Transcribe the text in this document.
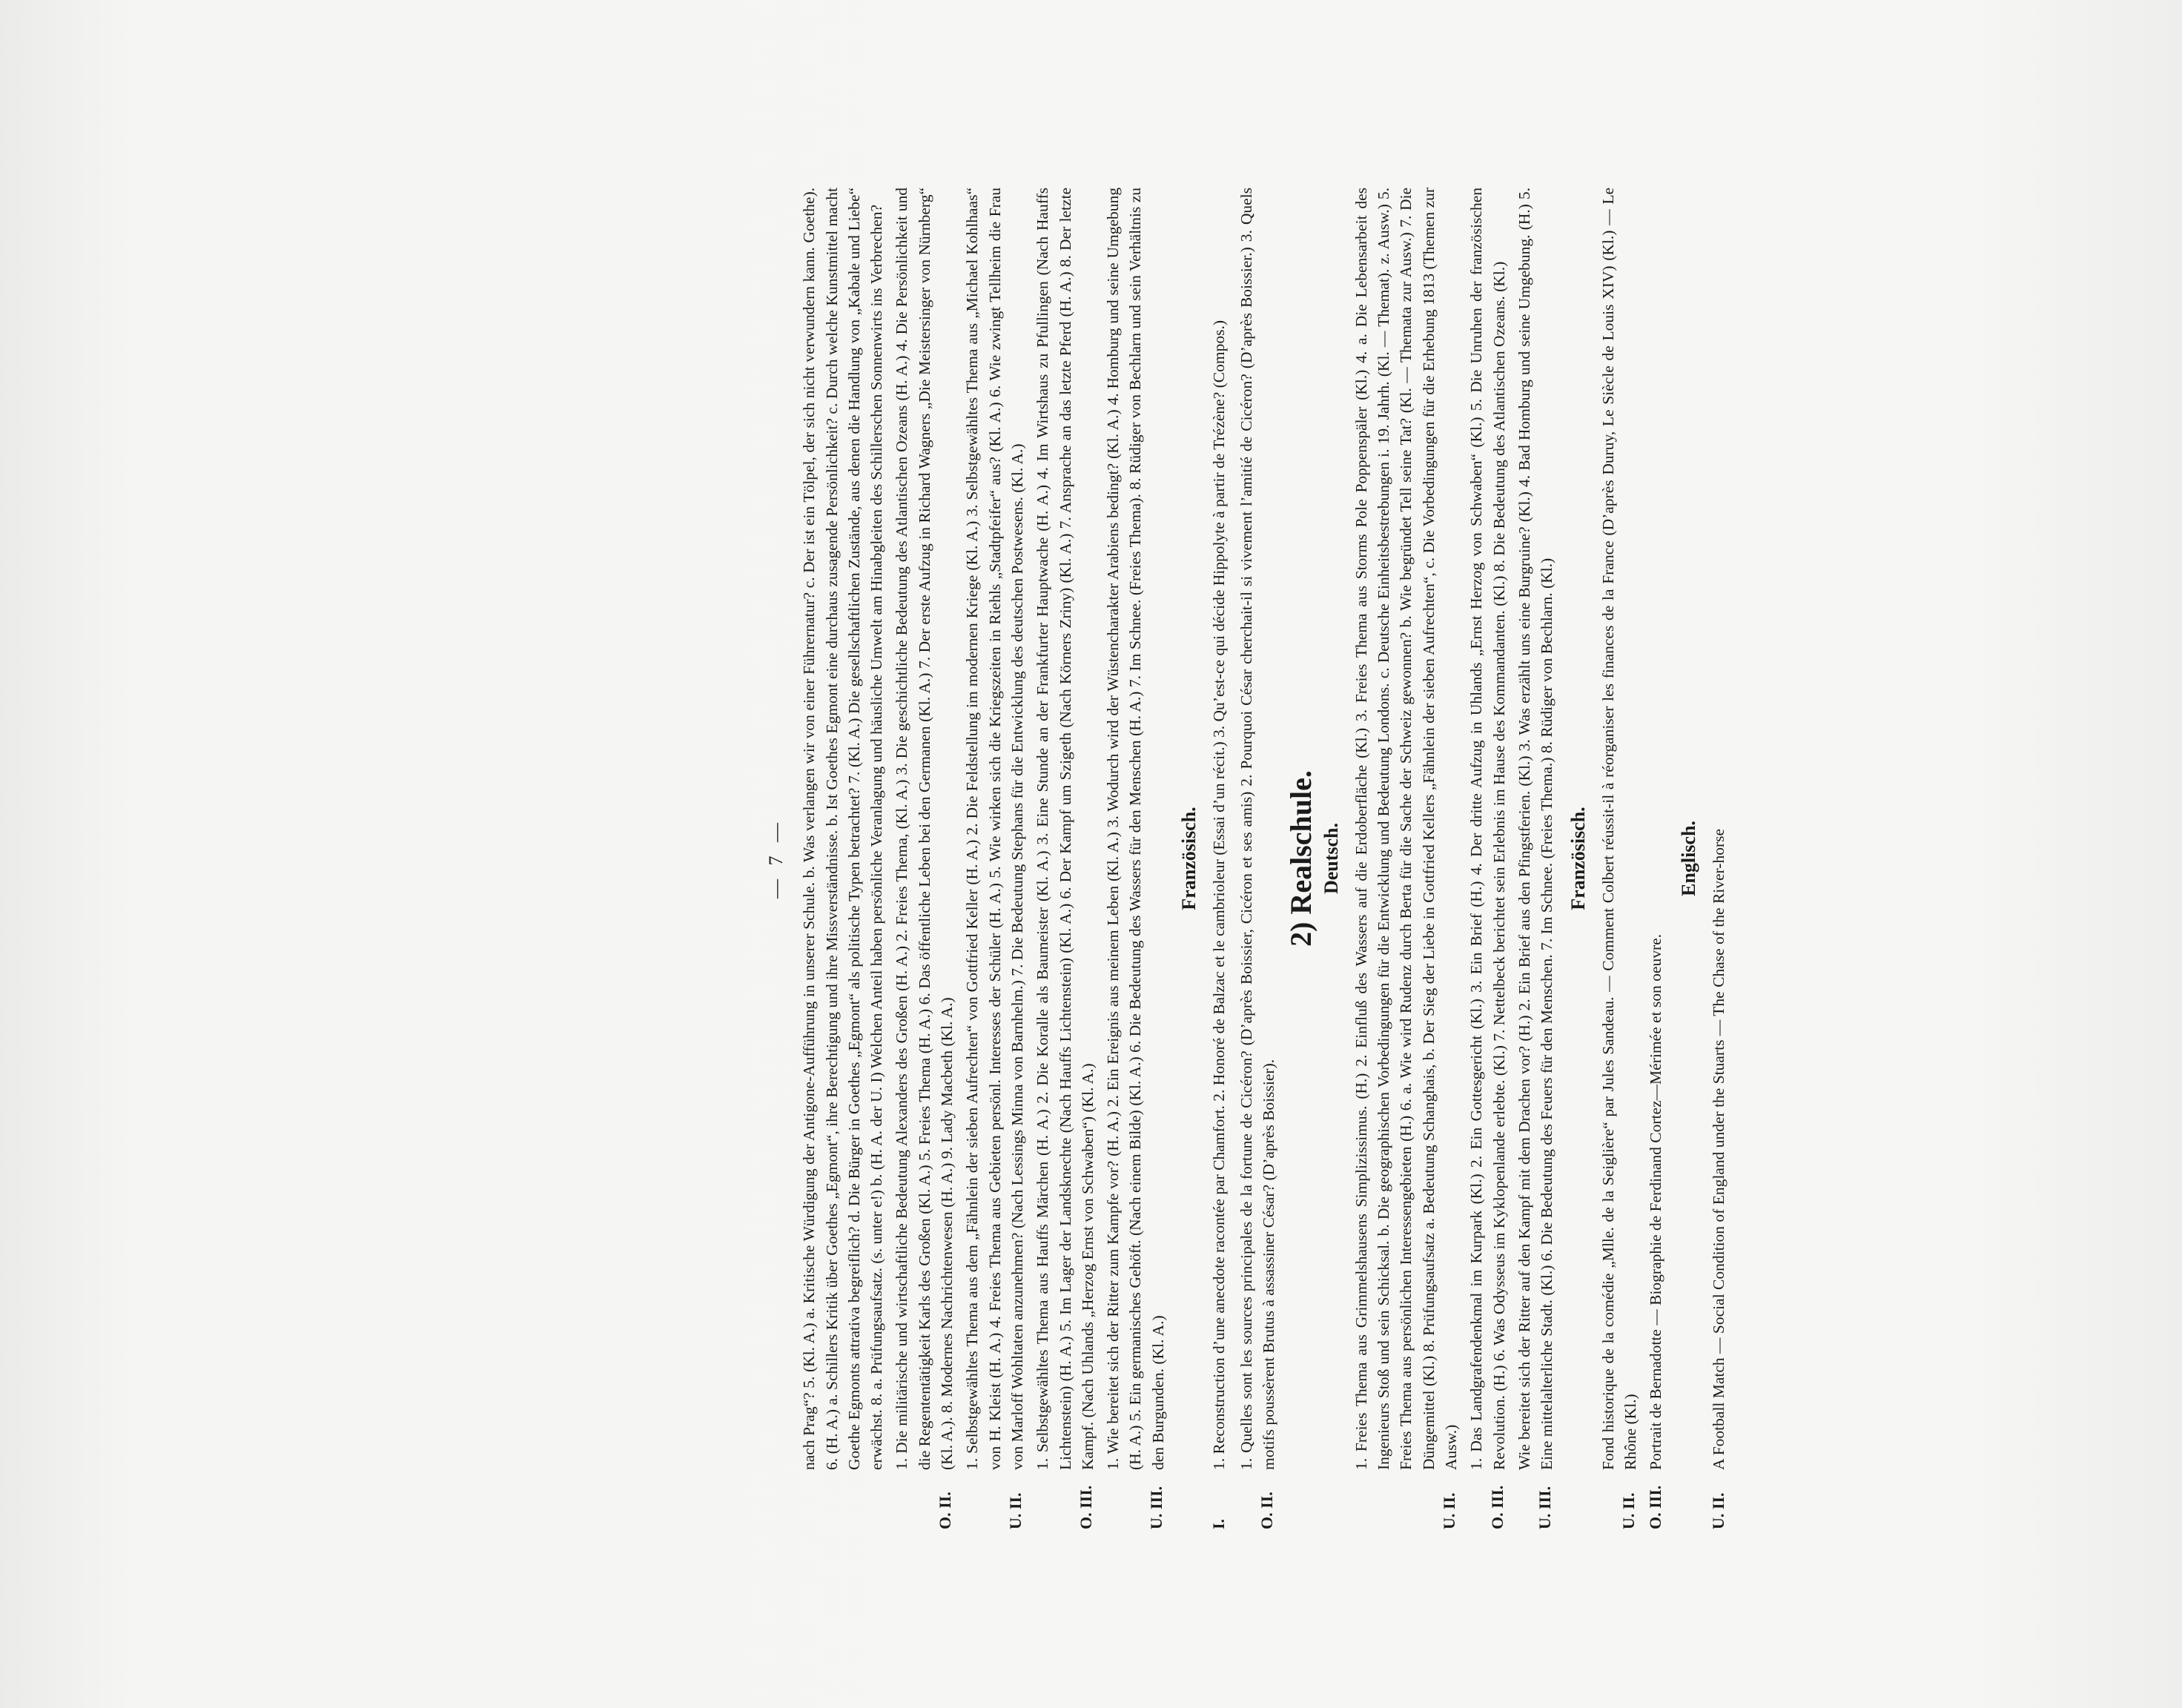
— 7 — nach Prag“? 5. (Kl. A.) a. Kritische Würdigung der Antigone-Aufführung in unserer Schule. b. Was verlangen wir von einer Führernatur? c. Der ist ein Tölpel, der sich nicht verwundern kann. Goethe). 6. (H. A.) a. Schillers Kritik über Goethes „Egmont“, ihre Berechtigung und ihre Missverständnisse. b. Ist Goethes Egmont eine durchaus zusagende Persönlichkeit? c. Durch welche Kunstmittel macht Goethe Egmonts attrativa begreiflich? d. Die Bürger in Goethes „Egmont“ als politische Typen betrachtet? 7. (Kl. A.) Die gesellschaftlichen Zustände, aus denen die Handlung von „Kabale und Liebe“ erwächst. 8. a. Prüfungsaufsatz. (s. unter e!) b. (H. A. der U. I) Welchen Anteil haben persönliche Veranlagung und häusliche Umwelt am Hinabgleiten des Schillerschen Sonnenwirts ins Verbrechen?
O. II.
1. Die militärische und wirtschaftliche Bedeutung Alexanders des Großen (H. A.) 2. Freies Thema, (Kl. A.) 3. Die geschichtliche Bedeutung des Atlantischen Ozeans (H. A.) 4. Die Persönlichkeit und die Regententätigkeit Karls des Großen (Kl. A.) 5. Freies Thema (H. A.) 6. Das öffentliche Leben bei den Germanen (Kl. A.) 7. Der erste Aufzug in Richard Wagners „Die Meistersinger von Nürnberg“ (Kl. A.). 8. Modernes Nachrichtenwesen (H. A.) 9. Lady Macbeth (Kl. A.)
U. II.
1. Selbstgewähltes Thema aus dem „Fähnlein der sieben Aufrechten“ von Gottfried Keller (H. A.) 2. Die Feldstellung im modernen Kriege (Kl. A.) 3. Selbstgewähltes Thema aus „Michael Kohlhaas“ von H. Kleist (H. A.) 4. Freies Thema aus Gebieten persönl. Interesses der Schüler (H. A.) 5. Wie wirken sich die Kriegszeiten in Riehls „Stadtpfeifer“ aus? (Kl. A.) 6. Wie zwingt Tellheim die Frau von Marloff Wohltaten anzunehmen? (Nach Lessings Minna von Barnhelm.) 7. Die Bedeutung Stephans für die Entwicklung des deutschen Postwesens. (Kl. A.)
O. III.
1. Selbstgewähltes Thema aus Hauffs Märchen (H. A.) 2. Die Koralle als Baumeister (Kl. A.) 3. Eine Stunde an der Frankfurter Hauptwache (H. A.) 4. Im Wirtshaus zu Pfullingen (Nach Hauffs Lichtenstein) (H. A.) 5. Im Lager der Landsknechte (Nach Hauffs Lichtenstein) (Kl. A.) 6. Der Kampf um Szigeth (Nach Körners Zriny) (Kl. A.) 7. Ansprache an das letzte Pferd (H. A.) 8. Der letzte Kampf. (Nach Uhlands „Herzog Ernst von Schwaben“) (Kl. A.)
U. III.
1. Wie bereitet sich der Ritter zum Kampfe vor? (H. A.) 2. Ein Ereignis aus meinem Leben (Kl. A.) 3. Wodurch wird der Wüstencharakter Arabiens bedingt? (Kl. A.) 4. Homburg und seine Umgebung (H. A.) 5. Ein germanisches Gehöft. (Nach einem Bilde) (Kl. A.) 6. Die Bedeutung des Wassers für den Menschen (H. A.) 7. Im Schnee. (Freies Thema). 8. Rüdiger von Bechlarn und sein Verhältnis zu den Burgunden. (Kl. A.)
Französisch.
I.
1. Reconstruction d’une anecdote racontée par Chamfort. 2. Honoré de Balzac et le cambrioleur (Essai d’un récit.) 3. Qu’est-ce qui décide Hippolyte à partir de Trézène? (Compos.)
O. II.
1. Quelles sont les sources principales de la fortune de Cicéron? (D’après Boissier, Cicéron et ses amis) 2. Pourquoi César cherchait-il si vivement l’amitié de Cicéron? (D’après Boissier.) 3. Quels motifs poussèrent Brutus à assassiner César? (D’après Boissier).
2) Realschule. Deutsch.
U. II.
1. Freies Thema aus Grimmelshausens Simplizissimus. (H.) 2. Einfluß des Wassers auf die Erdoberfläche (Kl.) 3. Freies Thema aus Storms Pole Poppenspäler (Kl.) 4. a. Die Lebensarbeit des Ingenieurs Stoß und sein Schicksal. b. Die geographischen Vorbedingungen für die Entwicklung und Bedeutung Londons. c. Deutsche Einheitsbestrebungen i. 19. Jahrh. (Kl. — Themat). z. Ausw.) 5. Freies Thema aus persönlichen Interessengebieten (H.) 6. a. Wie wird Rudenz durch Berta für die Sache der Schweiz gewonnen? b. Wie begründet Tell seine Tat? (Kl. — Themata zur Ausw.) 7. Die Düngemittel (Kl.) 8. Prüfungsaufsatz a. Bedeutung Schanghais, b. Der Sieg der Liebe in Gottfried Kellers „Fähnlein der sieben Aufrechten“, c. Die Vorbedingungen für die Erhebung 1813 (Themen zur Ausw.)
O. III.
1. Das Landgrafendenkmal im Kurpark (Kl.) 2. Ein Gottesgericht (Kl.) 3. Ein Brief (H.) 4. Der dritte Aufzug in Uhlands „Ernst Herzog von Schwaben“ (Kl.) 5. Die Unruhen der französischen Revolution. (H.) 6. Was Odysseus im Kyklopenlande erlebte. (Kl.) 7. Nettelbeck berichtet sein Erlebnis im Hause des Kommandanten. (Kl.) 8. Die Bedeutung des Atlantischen Ozeans. (Kl.)
U. III.
Wie bereitet sich der Ritter auf den Kampf mit dem Drachen vor? (H.) 2. Ein Brief aus den Pfingstferien. (Kl.) 3. Was erzählt uns eine Burgruine? (Kl.) 4. Bad Homburg und seine Umgebung. (H.) 5. Eine mittelalterliche Stadt. (Kl.) 6. Die Bedeutung des Feuers für den Menschen. 7. Im Schnee. (Freies Thema.) 8. Rüdiger von Bechlarn. (Kl.) Französisch.
U. II.
Fond historique de la comédie „Mlle. de la Seiglière“ par Jules Sandeau. — Comment Colbert réussit-il à réorganiser les finances de la France (D’après Duruy, Le Siècle de Louis XIV) (Kl.) — Le Rhône (Kl.)
O. III.
Portrait de Bernadotte — Biographie de Ferdinand Cortez—Mérimée et son oeuvre.
Englisch.
U. II.
A Football Match — Social Condition of England under the Stuarts — The Chase of the River-horse
